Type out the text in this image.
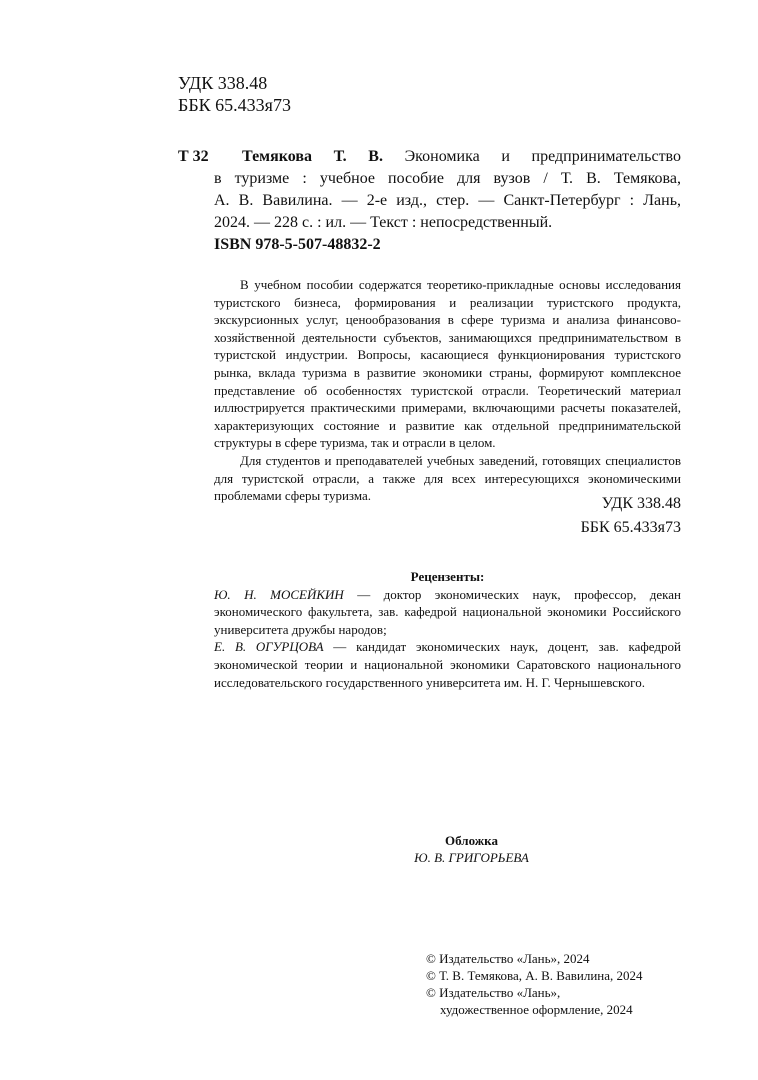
УДК 338.48
ББК 65.433я73
Т 32	Темякова Т. В. Экономика и предпринимательство
в туризме : учебное пособие для вузов / Т. В. Темякова,
А. В. Вавилина. — 2-е изд., стер. — Санкт-Петербург : Лань,
2024. — 228 с. : ил. — Текст : непосредственный.
ISBN 978-5-507-48832-2

В учебном пособии содержатся теоретико-прикладные основы исследования туристского бизнеса, формирования и реализации туристского продукта, экскурсионных услуг, ценообразования в сфере туризма и анализа финансово-хозяйственной деятельности субъектов, занимающихся предпринимательством в туристской индустрии. Вопросы, касающиеся функционирования туристского рынка, вклада туризма в развитие экономики страны, формируют комплексное представление об особенностях туристской отрасли. Теоретический материал иллюстрируется практическими примерами, включающими расчеты показателей, характеризующих состояние и развитие как отдельной предпринимательской структуры в сфере туризма, так и отрасли в целом.

Для студентов и преподавателей учебных заведений, готовящих специалистов для туристской отрасли, а также для всех интересующихся экономическими проблемами сферы туризма.	УДК 338.48
ББК 65.433я73
Рецензенты:

Ю. Н. МОСЕЙКИН — доктор экономических наук, профессор, декан экономического факультета, зав. кафедрой национальной экономики Российского университета дружбы народов;

Е. В. ОГУРЦОВА — кандидат экономических наук, доцент, зав. кафедрой экономической теории и национальной экономики Саратовского национального исследовательского государственного университета им. Н. Г. Чернышевского.

Обложка
Ю. В. ГРИГОРЬЕВА
© Издательство «Лань», 2024
© Т. В. Темякова, А. В. Вавилина, 2024
© Издательство «Лань»,
художественное оформление, 2024
